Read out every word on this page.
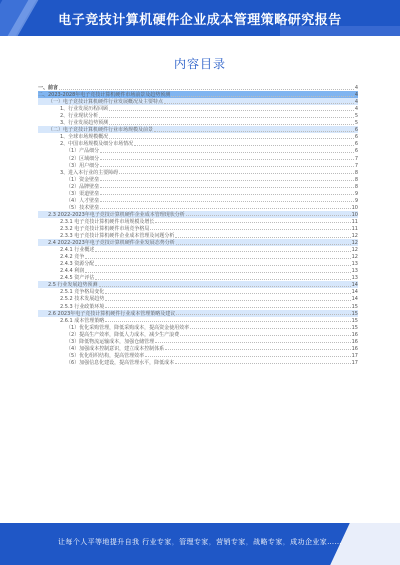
电子竞技计算机硬件企业成本管理策略研究报告
内容目录
一、前言	4
二、2023-2028年电子竞技计算机硬件市场前景及趋势预测	4
（一）电子竞技计算机硬件行业发展概况及主要特点	4
1、行业发展历程回顾	4
2、行业现状分析	5
3、行业发展趋势预测	5
（二）电子竞技计算机硬件行业市场规模及前景	6
1、全球市场规模概况	6
2、中国市场规模及细分市场情况	6
（1）产品细分	6
（2）区域细分	7
（3）用户细分	7
3、进入本行业的主要障碍	8
（1）资金壁垒	8
（2）品牌壁垒	8
（3）渠道壁垒	9
（4）人才壁垒	9
（5）技术壁垒	10
2.3 2022-2023年电子竞技计算机硬件企业成本管理现状分析	10
2.3.1 电子竞技计算机硬件市场规模及增长	11
2.3.2 电子竞技计算机硬件市场竞争格局	11
2.3.3 电子竞技计算机硬件企业成本管理及问题分析	12
2.4 2022-2023年电子竞技计算机硬件企业发展态势分析	12
2.4.1 行业概述	12
2.4.2 竞争	12
2.4.3 资源分配	13
2.4.4 利润	13
2.4.5 资产评估	13
2.5 行业发展趋势预测	14
2.5.1 竞争格局变化	14
2.5.2 技术发展趋势	14
2.5.3 行业政策环境	15
2.6 2023年电子竞技计算机硬件行业成本管理策略及建议	15
2.6.1 成本管理策略	15
（1）优化采购管理，降低采购成本，提高资金使用效率	15
（2）提高生产效率，降低人力成本，减少生产浪费	16
（3）降低物流运输成本，加强仓储管理	16
（4）加强成本控制意识，建立成本控制体系	16
（5）优化组织结构，提高管理效率	17
（6）加强信息化建设，提高管理水平，降低成本	17
让每个人平等地提升自我 行业专家，管理专家，营销专家，战略专家，成功企业家……
